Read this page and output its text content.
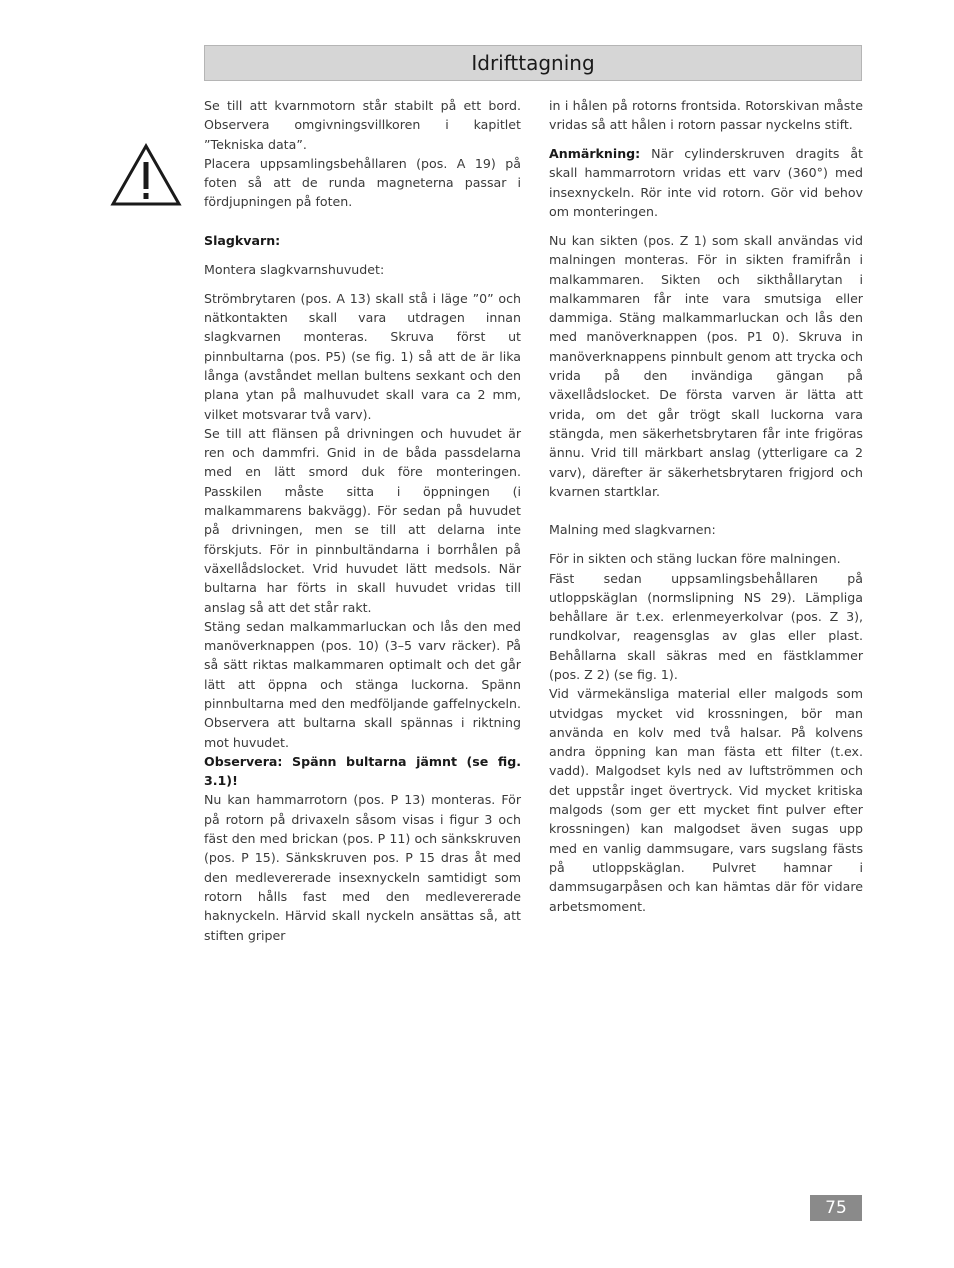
Idrifttagning

Se till att kvarnmotorn står stabilt på ett bord. Observera omgivningsvillkoren i kapitlet ”Tekniska data”.

Placera uppsamlingsbehållaren (pos. A 19) på foten så att de runda magneterna passar i fördjupningen på foten.

Slagkvarn:

Montera slagkvarnshuvudet:

Strömbrytaren (pos. A 13) skall stå i läge ”0” och nätkontakten skall vara utdragen innan slagkvarnen monteras. Skruva först ut pinnbultarna (pos. P5) (se fig. 1) så att de är lika långa (avståndet mellan bultens sexkant och den plana ytan på malhuvudet skall vara ca 2 mm, vilket motsvarar två varv).

Se till att flänsen på drivningen och huvudet är ren och dammfri. Gnid in de båda passdelarna med en lätt smord duk före monteringen. Passkilen måste sitta i öppningen (i malkammarens bakvägg). För sedan på huvudet på drivningen, men se till att delarna inte förskjuts. För in pinnbultändarna i borrhålen på växellådslocket. Vrid huvudet lätt medsols. När bultarna har förts in skall huvudet vridas till anslag så att det står rakt.

Stäng sedan malkammarluckan och lås den med manöverknappen (pos. 10) (3–5 varv räcker). På så sätt riktas malkammaren optimalt och det går lätt att öppna och stänga luckorna. Spänn pinnbultarna med den medföljande gaffelnyckeln. Observera att bultarna skall spännas i riktning mot huvudet.

Observera: Spänn bultarna jämnt (se fig. 3.1)!

Nu kan hammarrotorn (pos. P 13) monteras. För på rotorn på drivaxeln såsom visas i figur 3 och fäst den med brickan (pos. P 11) och sänkskruven (pos. P 15). Sänkskruven pos. P 15 dras åt med den medlevererade insexnyckeln samtidigt som rotorn hålls fast med den medlevererade haknyckeln. Härvid skall nyckeln ansättas så, att stiften griper

in i hålen på rotorns frontsida. Rotorskivan måste vridas så att hålen i rotorn passar nyckelns stift.

Anmärkning: När cylinderskruven dragits åt skall hammarrotorn vridas ett varv (360°) med insexnyckeln. Rör inte vid rotorn. Gör vid behov om monteringen.

Nu kan sikten (pos. Z 1) som skall användas vid malningen monteras. För in sikten framifrån i malkammaren. Sikten och sikthållarytan i malkammaren får inte vara smutsiga eller dammiga. Stäng malkammarluckan och lås den med manöverknappen (pos. P1 0). Skruva in manöverknappens pinnbult genom att trycka och vrida på den invändiga gängan på växellådslocket. De första varven är lätta att vrida, om det går trögt skall luckorna vara stängda, men säkerhetsbrytaren får inte frigöras ännu. Vrid till märkbart anslag (ytterligare ca 2 varv), därefter är säkerhetsbrytaren frigjord och kvarnen startklar.

Malning med slagkvarnen:

För in sikten och stäng luckan före malningen.

Fäst sedan uppsamlingsbehållaren på utloppskäglan (normslipning NS 29). Lämpliga behållare är t.ex. erlenmeyerkolvar (pos. Z 3), rundkolvar, reagensglas av glas eller plast. Behållarna skall säkras med en fästklammer (pos. Z 2) (se fig. 1).

Vid värmekänsliga material eller malgods som utvidgas mycket vid krossningen, bör man använda en kolv med två halsar. På kolvens andra öppning kan man fästa ett filter (t.ex. vadd). Malgodset kyls ned av luftströmmen och det uppstår inget övertryck. Vid mycket kritiska malgods (som ger ett mycket fint pulver efter krossningen) kan malgodset även sugas upp med en vanlig dammsugare, vars sugslang fästs på utloppskäglan. Pulvret hamnar i dammsugarpåsen och kan hämtas där för vidare arbetsmoment.

75
